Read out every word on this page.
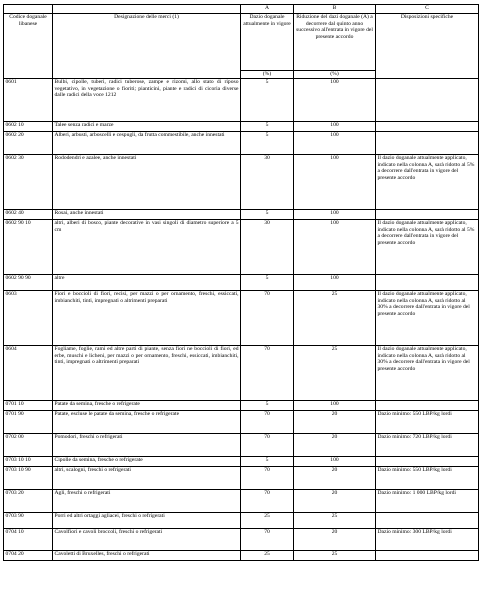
		A	B	C
Codice doganale libanese	Designazione delle merci (1)	Dazio doganale attualmente in vigore	Riduzione del dazi doganale (A) a decorrere dal quinto anno successivo all'entrata in vigore del presente accordo	Disposizioni specifiche
		(%)	(%)	
0601	Bulbi, cipolle, tuberi, radici tuberose, zampe e rizomi, allo stato di riposo vegetativo, in vegetazione o fioriti; pianticini, piante e radici di cicoria diverse dalle radici della voce 1212	5	100	
0602 10	Talee senza radici e marze	5	100	
0602 20	Alberi, arbusti, arboscelli e cespugli, da frutta commestibile, anche innestati	5	100	
0602 30	Rododendri e azalee, anche innestati	30	100	Il dazio doganale attualmente applicato, indicato nella colonna A, sarà ridotto al 5% a decorrere dall'entrata in vigore del presente accordo
0602 40	Rosai, anche innestati	5	100	
0602 90 10	altri, alberi di bosco, piante decorative in vasi singoli di diametro superiore a 5 cm	30	100	Il dazio doganale attualmente applicato, indicato nella colonna A, sarà ridotto al 5% a decorrere dall'entrata in vigore del presente accordo
0602 90 90	altre	5	100	
0603	Fiori e boccioli di fiori, recisi, per mazzi o per ornamento, freschi, essiccati, imbianchiti, tinti, impregnati o altrimenti preparati	70	25	Il dazio doganale attualmente applicato, indicato nella colonna A, sarà ridotto al 30% a decorrere dall'entrata in vigore del presente accordo
0604	Fogliame, foglie, rami ed altre parti di piante, senza fiori ne boccioli di fiori, ed erbe, muschi e licheni, per mazzi o per ornamento, freschi, essiccati, imbianchiti, tinti, impregnati o altrimenti preparati	70	25	Il dazio doganale attualmente applicato, indicato nella colonna A, sarà ridotto al 30% a decorrere dall'entrata in vigore del presente accordo
0701 10	Patate da semina, fresche o refrigerate	5	100	
0701 90	Patate, escluse le patate da semina, fresche o refrigerate	70	20	Dazio minimo: 550 LBP/kg lordi
0702 00	Pomodori, freschi o refrigerati	70	20	Dazio minimo: 720 LBP/kg lordi
0703 10 10	Cipolle da semina, fresche o refrigerate	5	100	
0703 10 90	altri, scalogni, freschi o refrigerati	70	20	Dazio minimo: 550 LBP/kg lordi
0703 20	Agli, freschi o refrigerati	70	20	Dazio minimo: 1 000 LBP/kg lordi
0703 90	Porri ed altri ortaggi agliacei, freschi o refrigerati	25	25	
0704 10	Cavolfiori e cavoli broccoli, freschi o refrigerati	70	20	Dazio minimo: 300 LBP/kg lordi
0704 20	Cavoletti di Bruxelles, freschi o refrigerati	25	25	
